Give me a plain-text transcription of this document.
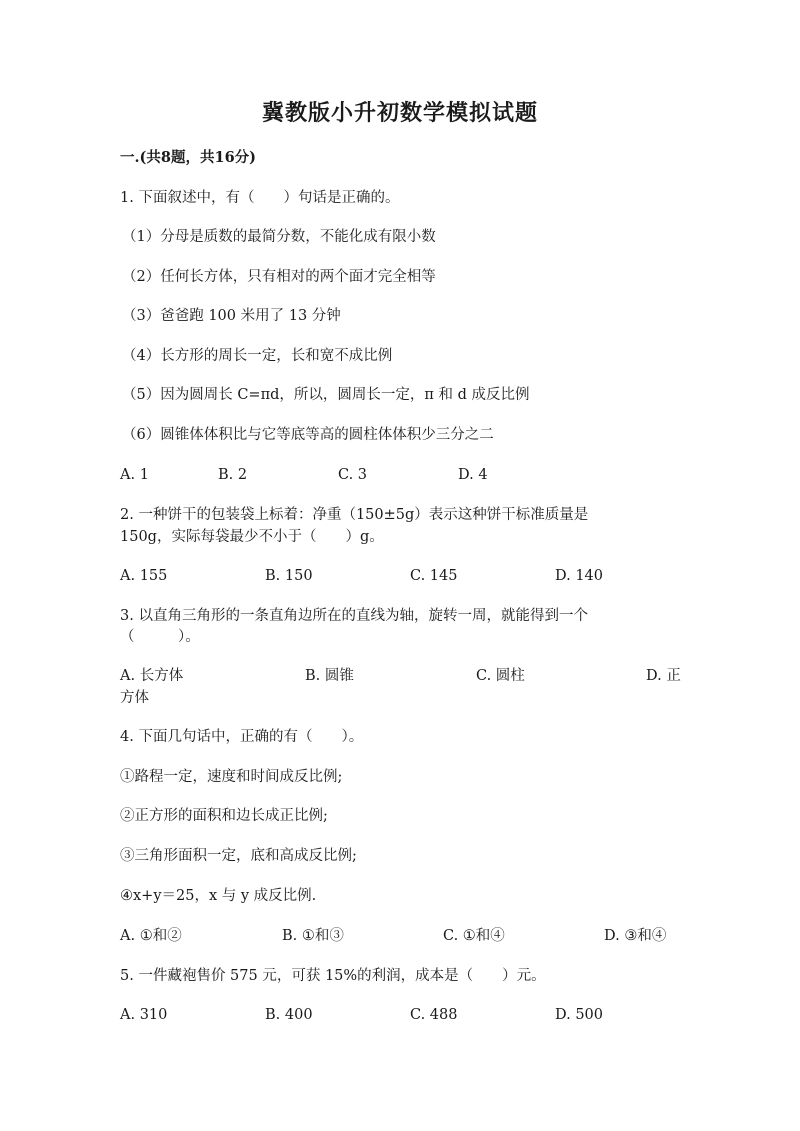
冀教版小升初数学模拟试题
一.(共8题，共16分)
1. 下面叙述中，有（　　）句话是正确的。
（1）分母是质数的最简分数，不能化成有限小数
（2）任何长方体，只有相对的两个面才完全相等
（3）爸爸跑 100 米用了 13 分钟
（4）长方形的周长一定，长和宽不成比例
（5）因为圆周长 C=πd，所以，圆周长一定，π 和 d 成反比例
（6）圆锥体体积比与它等底等高的圆柱体体积少三分之二
A. 1	B. 2	C. 3	D. 4
2. 一种饼干的包装袋上标着：净重（150±5g）表示这种饼干标准质量是
150g，实际每袋最少不小于（　　）g。
A. 155	B. 150	C. 145	D. 140
3. 以直角三角形的一条直角边所在的直线为轴，旋转一周，就能得到一个
（　　　）。
A. 长方体	B. 圆锥	C. 圆柱	D. 正
方体
4. 下面几句话中，正确的有（　　）。
①路程一定，速度和时间成反比例;
②正方形的面积和边长成正比例;
③三角形面积一定，底和高成反比例;
④x+y＝25，x 与 y 成反比例.
A. ①和②	B. ①和③	C. ①和④	D. ③和④
5. 一件藏袍售价 575 元，可获 15%的利润，成本是（　　）元。
A. 310	B. 400	C. 488	D. 500
